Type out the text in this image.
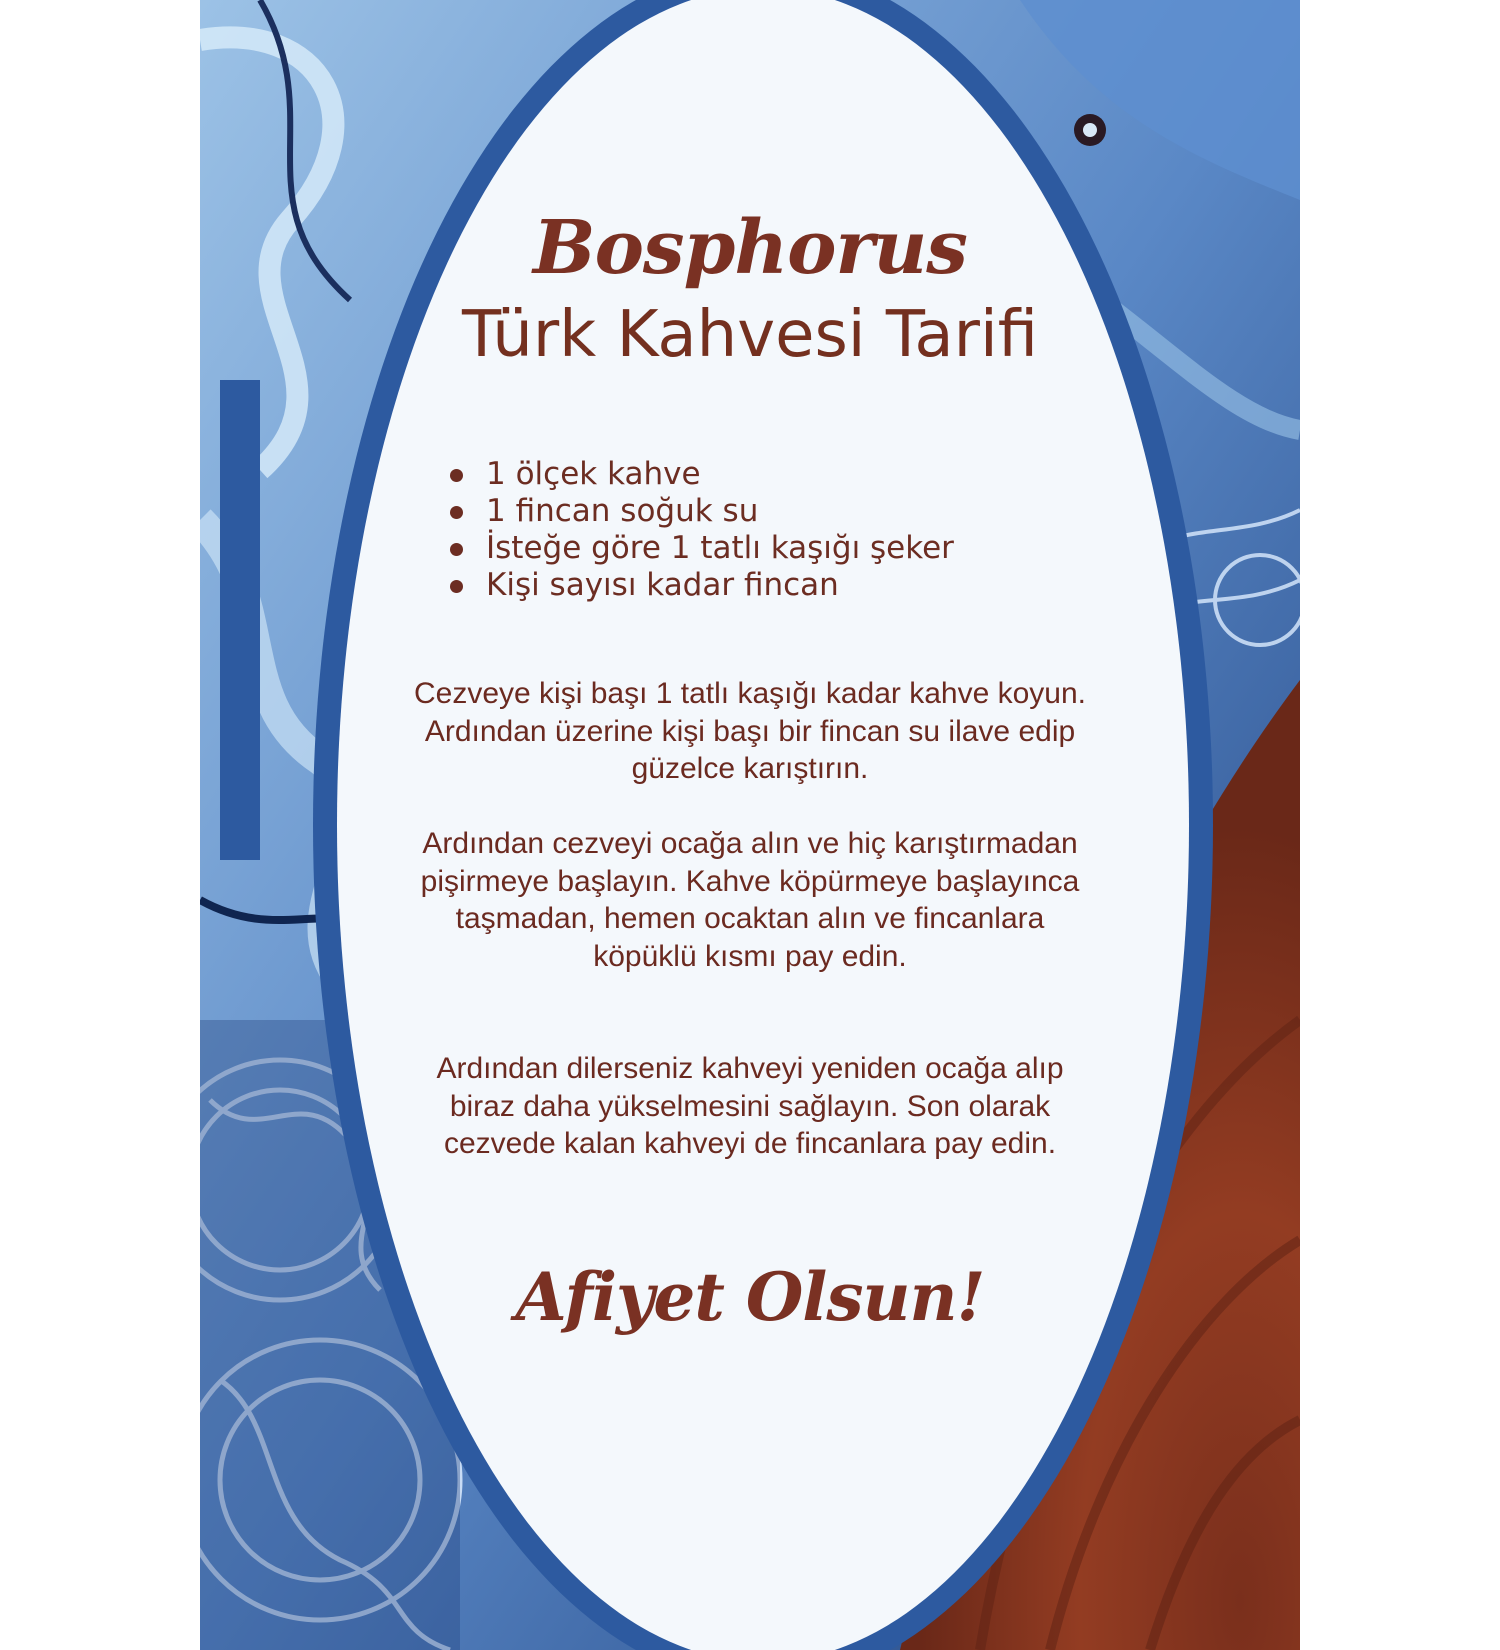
Bosphorus
Türk Kahvesi Tarifi
1 ölçek kahve
1 fincan soğuk su
İsteğe göre 1 tatlı kaşığı şeker
Kişi sayısı kadar fincan

Cezveye kişi başı 1 tatlı kaşığı kadar kahve koyun. Ardından üzerine kişi başı bir fincan su ilave edip güzelce karıştırın.

Ardından cezveyi ocağa alın ve hiç karıştırmadan pişirmeye başlayın. Kahve köpürmeye başlayınca taşmadan, hemen ocaktan alın ve fincanlara köpüklü kısmı pay edin.

Ardından dilerseniz kahveyi yeniden ocağa alıp biraz daha yükselmesini sağlayın. Son olarak cezvede kalan kahveyi de fincanlara pay edin.

Afiyet Olsun!
